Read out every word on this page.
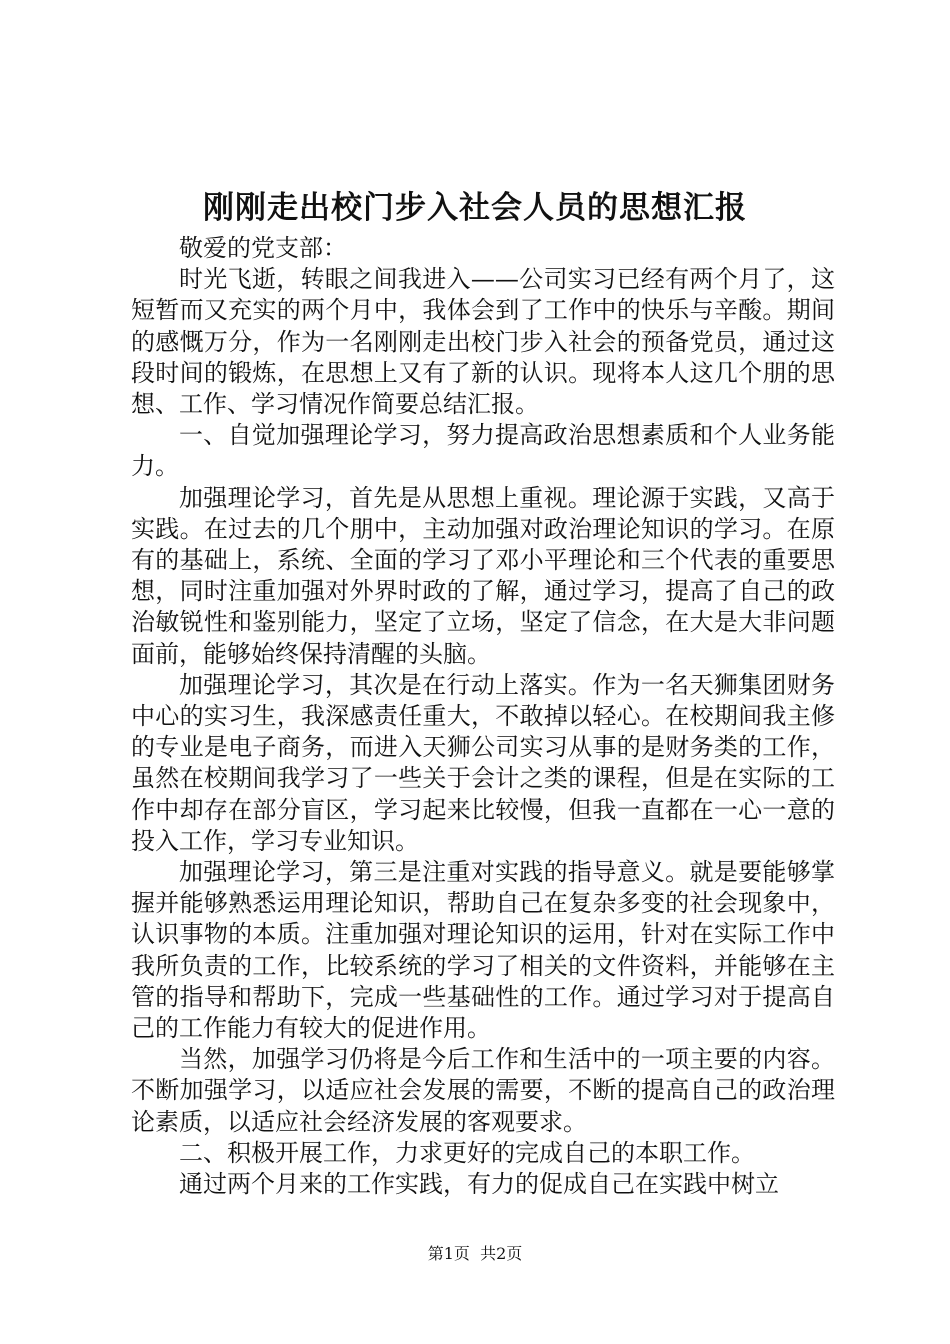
刚刚走出校门步入社会人员的思想汇报

敬爱的党支部：

时光飞逝，转眼之间我进入——公司实习已经有两个月了，这短暂而又充实的两个月中，我体会到了工作中的快乐与辛酸。期间的感慨万分，作为一名刚刚走出校门步入社会的预备党员，通过这段时间的锻炼，在思想上又有了新的认识。现将本人这几个朋的思想、工作、学习情况作简要总结汇报。

一、自觉加强理论学习，努力提高政治思想素质和个人业务能力。

加强理论学习，首先是从思想上重视。理论源于实践，又高于实践。在过去的几个朋中，主动加强对政治理论知识的学习。在原有的基础上，系统、全面的学习了邓小平理论和三个代表的重要思想，同时注重加强对外界时政的了解，通过学习，提高了自己的政治敏锐性和鉴别能力，坚定了立场，坚定了信念，在大是大非问题面前，能够始终保持清醒的头脑。

加强理论学习，其次是在行动上落实。作为一名天狮集团财务中心的实习生，我深感责任重大，不敢掉以轻心。在校期间我主修的专业是电子商务，而进入天狮公司实习从事的是财务类的工作，虽然在校期间我学习了一些关于会计之类的课程，但是在实际的工作中却存在部分盲区，学习起来比较慢，但我一直都在一心一意的投入工作，学习专业知识。

加强理论学习，第三是注重对实践的指导意义。就是要能够掌握并能够熟悉运用理论知识，帮助自己在复杂多变的社会现象中，认识事物的本质。注重加强对理论知识的运用，针对在实际工作中我所负责的工作，比较系统的学习了相关的文件资料，并能够在主管的指导和帮助下，完成一些基础性的工作。通过学习对于提高自己的工作能力有较大的促进作用。

当然，加强学习仍将是今后工作和生活中的一项主要的内容。不断加强学习，以适应社会发展的需要，不断的提高自己的政治理论素质，以适应社会经济发展的客观要求。

二、积极开展工作，力求更好的完成自己的本职工作。

通过两个月来的工作实践，有力的促成自己在实践中树立

第1页 共2页
